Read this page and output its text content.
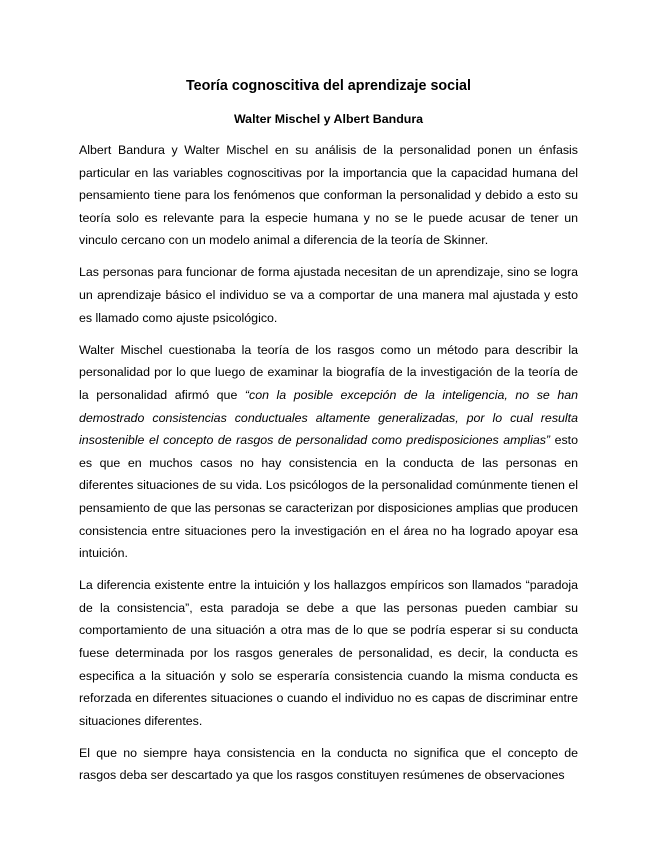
Teoría cognoscitiva del aprendizaje social
Walter Mischel y Albert Bandura

Albert Bandura y Walter Mischel en su análisis de la personalidad ponen un énfasis particular en las variables cognoscitivas por la importancia que la capacidad humana del pensamiento tiene para los fenómenos que conforman la personalidad y debido a esto su teoría solo es relevante para la especie humana y no se le puede acusar de tener un vinculo cercano con un modelo animal a diferencia de la teoría de Skinner.

Las personas para funcionar de forma ajustada necesitan de un aprendizaje, sino se logra un aprendizaje básico el individuo se va a comportar de una manera mal ajustada y esto es llamado como ajuste psicológico.

Walter Mischel cuestionaba la teoría de los rasgos como un método para describir la personalidad por lo que luego de examinar la biografía de la investigación de la teoría de la personalidad afirmó que “con la posible excepción de la inteligencia, no se han demostrado consistencias conductuales altamente generalizadas, por lo cual resulta insostenible el concepto de rasgos de personalidad como predisposiciones amplias” esto es que en muchos casos no hay consistencia en la conducta de las personas en diferentes situaciones de su vida. Los psicólogos de la personalidad comúnmente tienen el pensamiento de que las personas se caracterizan por disposiciones amplias que producen consistencia entre situaciones pero la investigación en el área no ha logrado apoyar esa intuición.

La diferencia existente entre la intuición y los hallazgos empíricos son llamados “paradoja de la consistencia”, esta paradoja se debe a que las personas pueden cambiar su comportamiento de una situación a otra mas de lo que se podría esperar si su conducta fuese determinada por los rasgos generales de personalidad, es decir, la conducta es especifica a la situación y solo se esperaría consistencia cuando la misma conducta es reforzada en diferentes situaciones o cuando el individuo no es capas de discriminar entre situaciones diferentes.

El que no siempre haya consistencia en la conducta no significa que el concepto de rasgos deba ser descartado ya que los rasgos constituyen resúmenes de observaciones
